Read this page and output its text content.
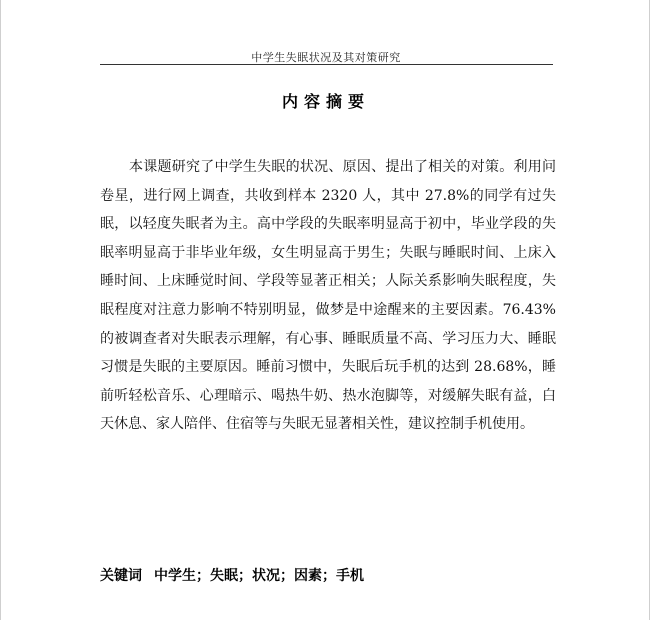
中学生失眠状况及其对策研究
内容摘要

本课题研究了中学生失眠的状况、原因、提出了相关的对策。利用问卷星，进行网上调查，共收到样本 2320 人，其中 27.8%的同学有过失眠，以轻度失眠者为主。高中学段的失眠率明显高于初中，毕业学段的失眠率明显高于非毕业年级，女生明显高于男生；失眠与睡眠时间、上床入睡时间、上床睡觉时间、学段等显著正相关；人际关系影响失眠程度，失眠程度对注意力影响不特别明显，做梦是中途醒来的主要因素。76.43%的被调查者对失眠表示理解，有心事、睡眠质量不高、学习压力大、睡眠习惯是失眠的主要原因。睡前习惯中，失眠后玩手机的达到 28.68%，睡前听轻松音乐、心理暗示、喝热牛奶、热水泡脚等，对缓解失眠有益，白天休息、家人陪伴、住宿等与失眠无显著相关性，建议控制手机使用。

关键词 中学生；失眠；状况；因素；手机
